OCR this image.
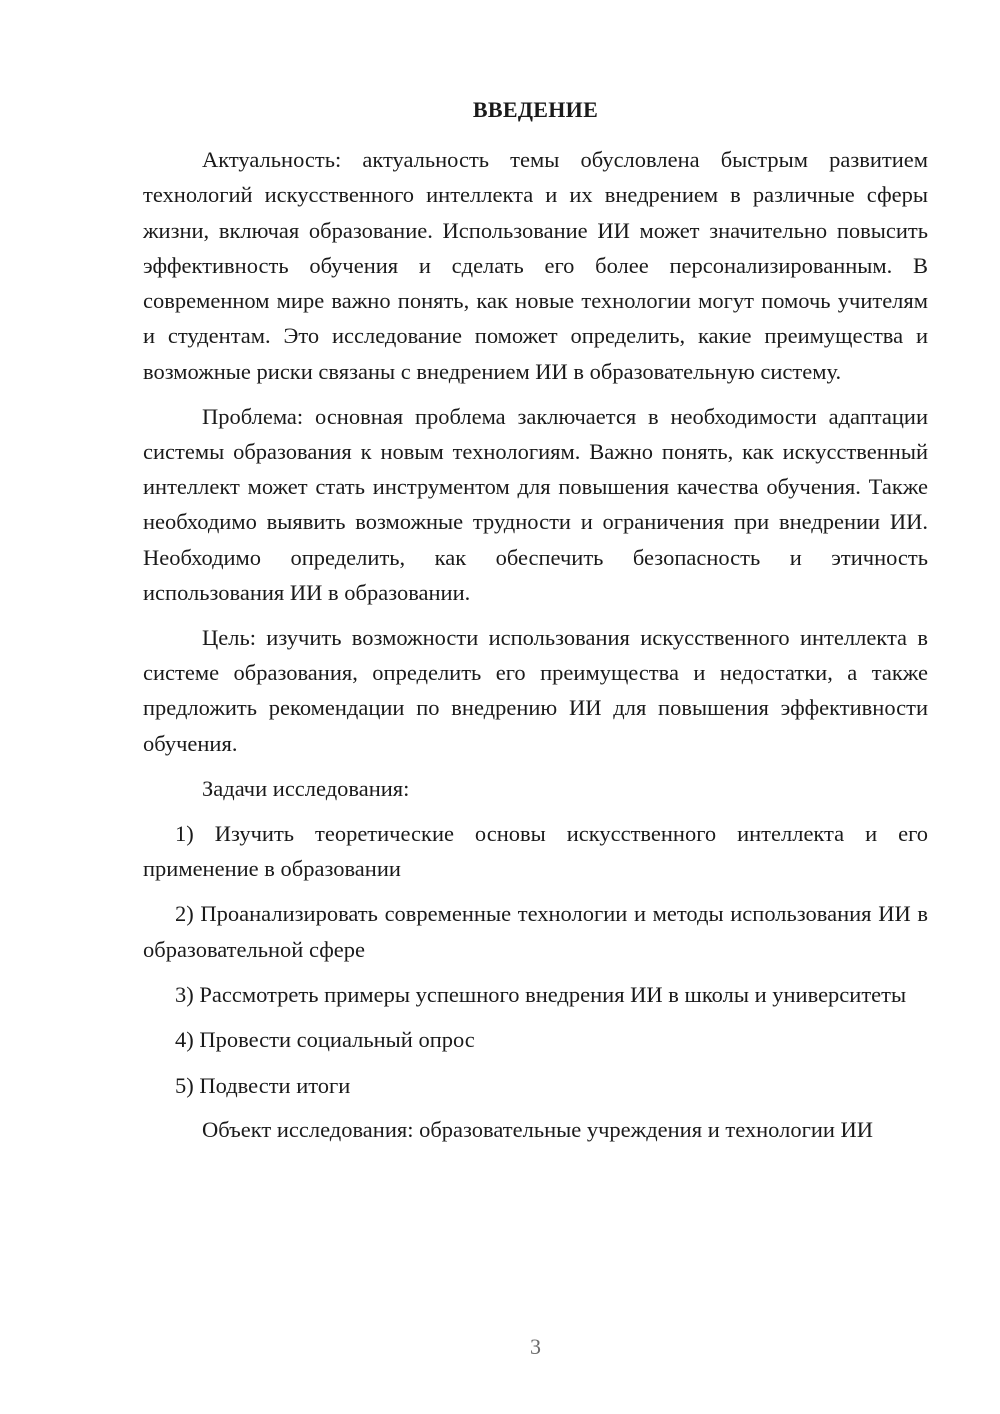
ВВЕДЕНИЕ

Актуальность: актуальность темы обусловлена быстрым развитием технологий искусственного интеллекта и их внедрением в различные сферы жизни, включая образование. Использование ИИ может значительно повысить эффективность обучения и сделать его более персонализированным. В современном мире важно понять, как новые технологии могут помочь учителям и студентам. Это исследование поможет определить, какие преимущества и возможные риски связаны с внедрением ИИ в образовательную систему.

Проблема: основная проблема заключается в необходимости адаптации системы образования к новым технологиям. Важно понять, как искусственный интеллект может стать инструментом для повышения качества обучения. Также необходимо выявить возможные трудности и ограничения при внедрении ИИ. Необходимо определить, как обеспечить безопасность и этичность использования ИИ в образовании.

Цель: изучить возможности использования искусственного интеллекта в системе образования, определить его преимущества и недостатки, а также предложить рекомендации по внедрению ИИ для повышения эффективности обучения.

Задачи исследования:

1) Изучить теоретические основы искусственного интеллекта и его применение в образовании

2) Проанализировать современные технологии и методы использования ИИ в образовательной сфере

3) Рассмотреть примеры успешного внедрения ИИ в школы и университеты

4) Провести социальный опрос

5) Подвести итоги

Объект исследования: образовательные учреждения и технологии ИИ

3
